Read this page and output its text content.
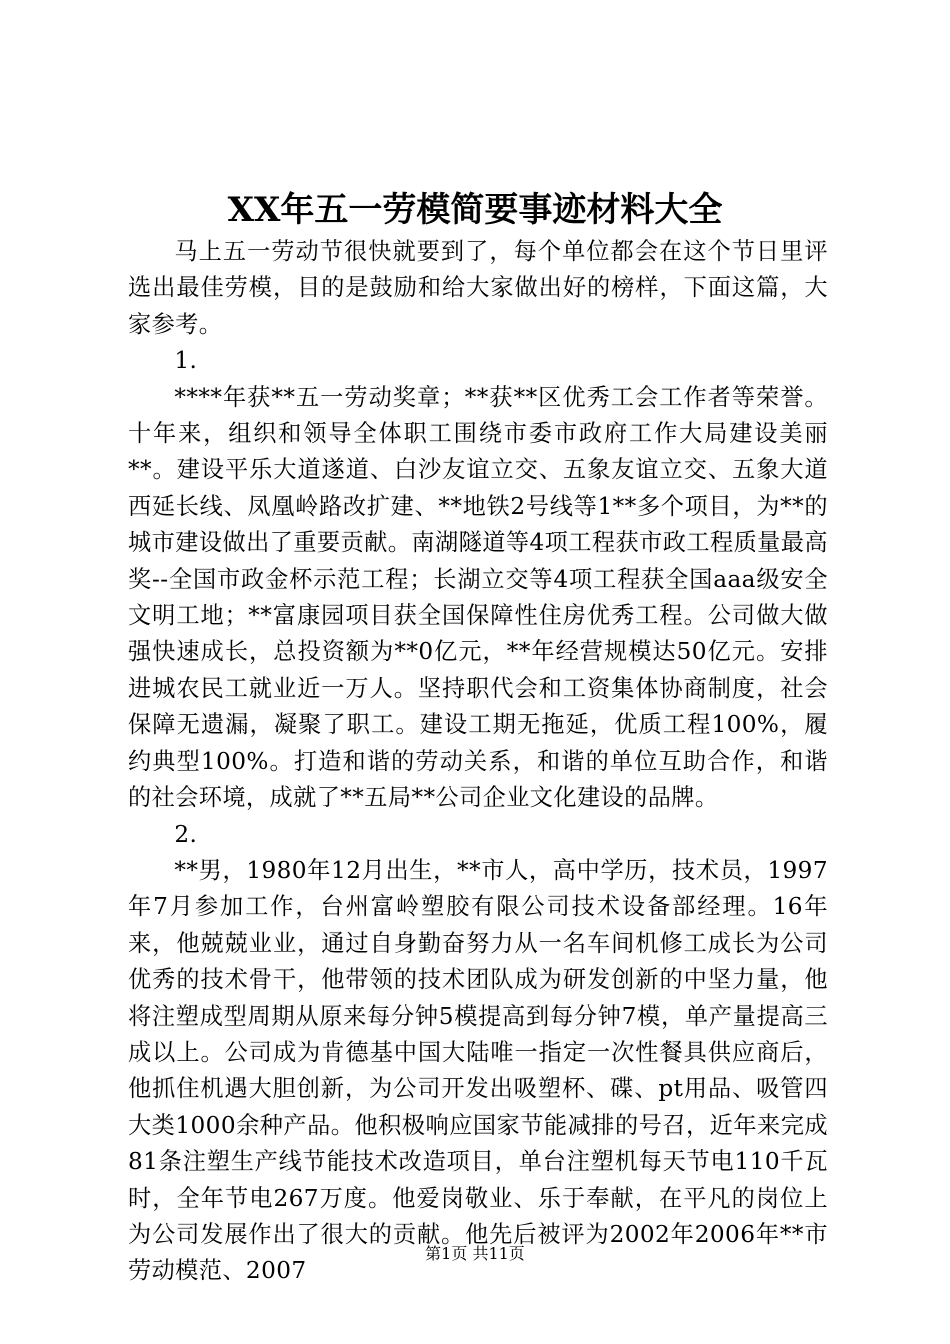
XX年五一劳模简要事迹材料大全

马上五一劳动节很快就要到了，每个单位都会在这个节日里评选出最佳劳模，目的是鼓励和给大家做出好的榜样，下面这篇，大家参考。

1.

****年获**五一劳动奖章；**获**区优秀工会工作者等荣誉。十年来，组织和领导全体职工围绕市委市政府工作大局建设美丽**。建设平乐大道遂道、白沙友谊立交、五象友谊立交、五象大道西延长线、凤凰岭路改扩建、**地铁2号线等1**多个项目，为**的城市建设做出了重要贡献。南湖隧道等4项工程获市政工程质量最高奖--全国市政金杯示范工程；长湖立交等4项工程获全国aaa级安全文明工地；**富康园项目获全国保障性住房优秀工程。公司做大做强快速成长，总投资额为**0亿元，**年经营规模达50亿元。安排进城农民工就业近一万人。坚持职代会和工资集体协商制度，社会保障无遗漏，凝聚了职工。建设工期无拖延，优质工程100%，履约典型100%。打造和谐的劳动关系，和谐的单位互助合作，和谐的社会环境，成就了**五局**公司企业文化建设的品牌。

2.

**男，1980年12月出生，**市人，高中学历，技术员，1997年7月参加工作，台州富岭塑胶有限公司技术设备部经理。16年来，他兢兢业业，通过自身勤奋努力从一名车间机修工成长为公司优秀的技术骨干，他带领的技术团队成为研发创新的中坚力量，他将注塑成型周期从原来每分钟5模提高到每分钟7模，单产量提高三成以上。公司成为肯德基中国大陆唯一指定一次性餐具供应商后，他抓住机遇大胆创新，为公司开发出吸塑杯、碟、pt用品、吸管四大类1000余种产品。他积极响应国家节能减排的号召，近年来完成81条注塑生产线节能技术改造项目，单台注塑机每天节电110千瓦时，全年节电267万度。他爱岗敬业、乐于奉献，在平凡的岗位上为公司发展作出了很大的贡献。他先后被评为2002年2006年**市劳动模范、2007

第1页 共11页
